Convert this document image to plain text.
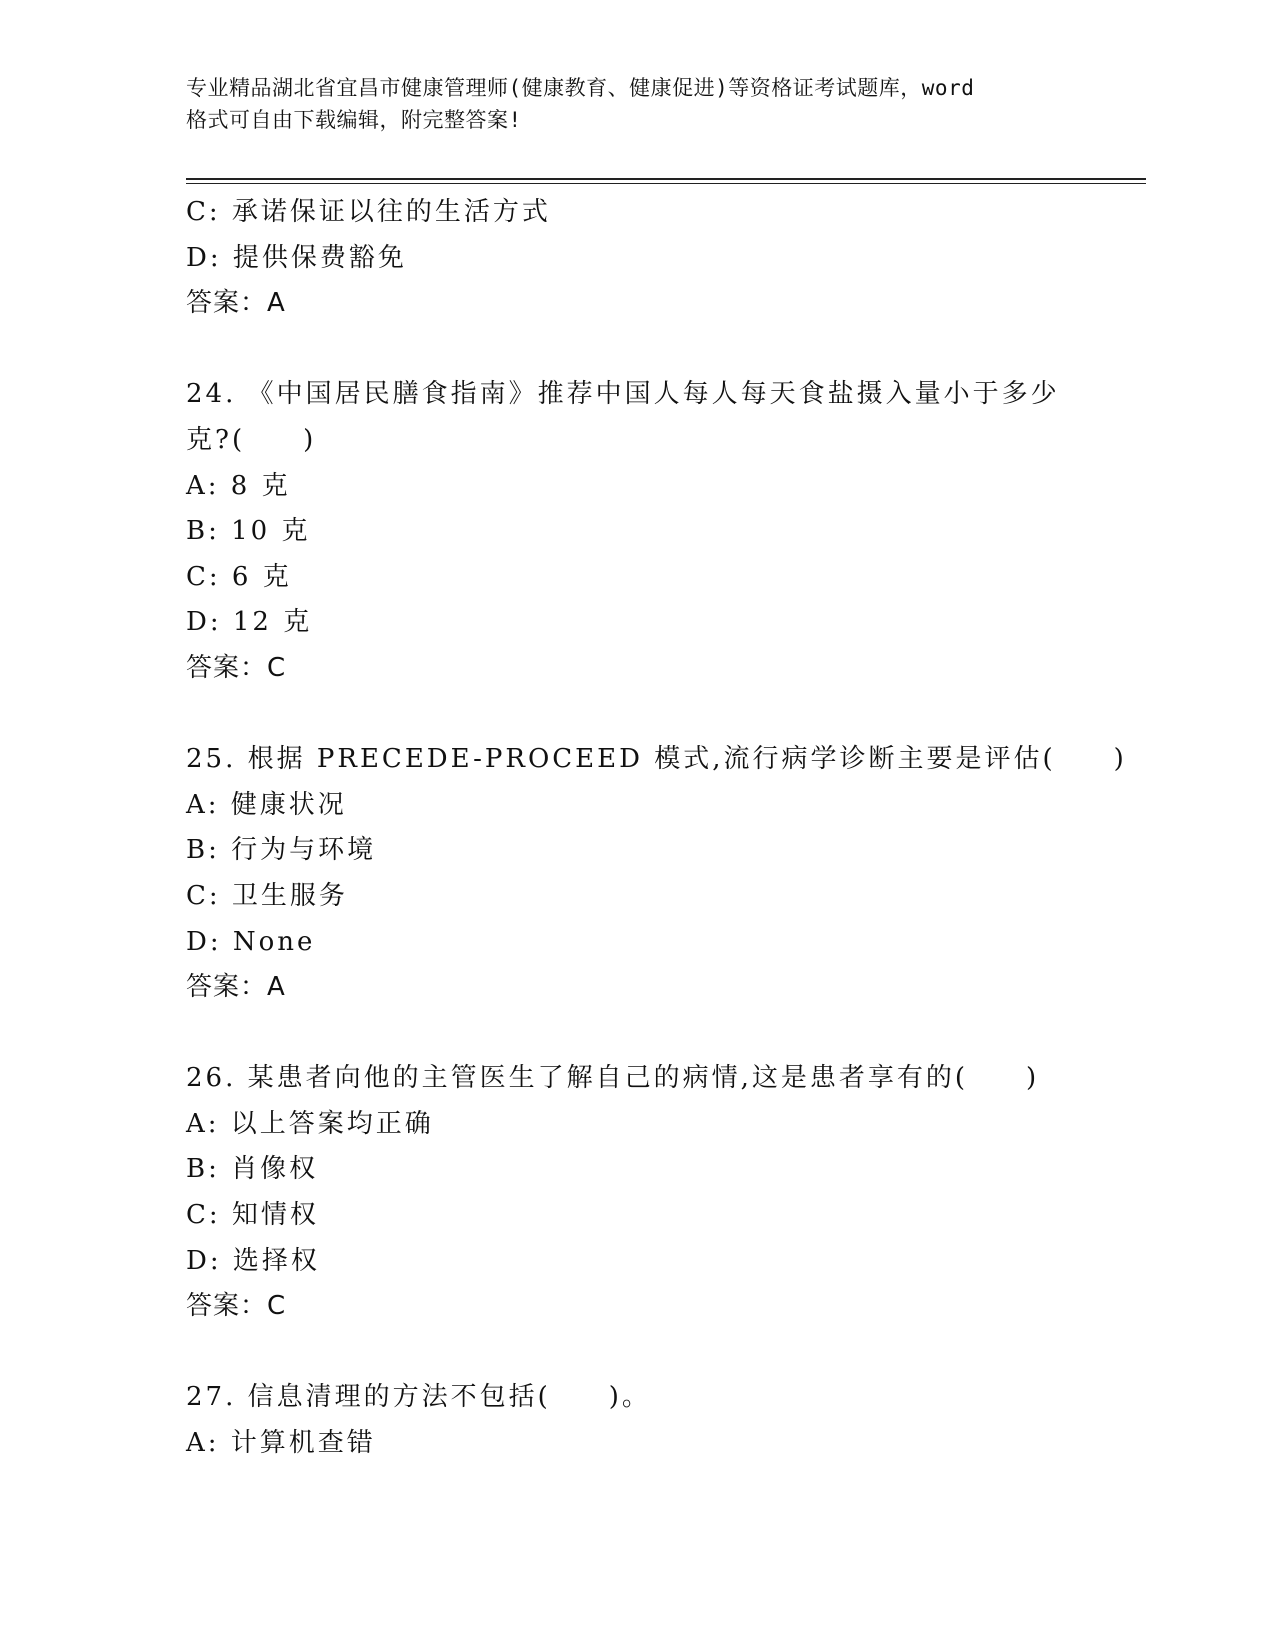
专业精品湖北省宜昌市健康管理师(健康教育、健康促进)等资格证考试题库，word
格式可自由下载编辑，附完整答案!
C: 承诺保证以往的生活方式
D: 提供保费豁免
答案：A
24. 《中国居民膳食指南》推荐中国人每人每天食盐摄入量小于多少
克?(　　)
A: 8 克
B: 10 克
C: 6 克
D: 12 克
答案：C
25. 根据 PRECEDE-PROCEED 模式,流行病学诊断主要是评估(　　)
A: 健康状况
B: 行为与环境
C: 卫生服务
D: None
答案：A
26. 某患者向他的主管医生了解自己的病情,这是患者享有的(　　)
A: 以上答案均正确
B: 肖像权
C: 知情权
D: 选择权
答案：C
27. 信息清理的方法不包括(　　)。
A: 计算机查错
